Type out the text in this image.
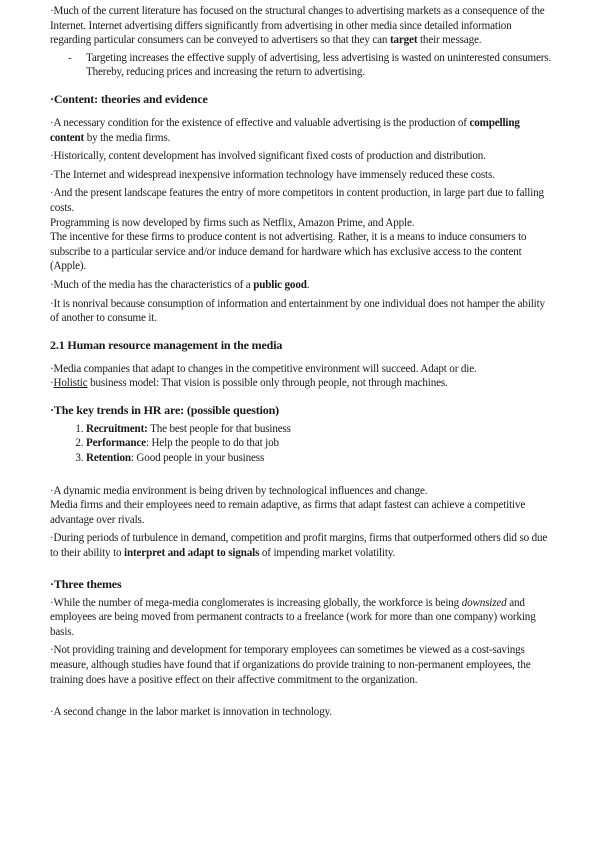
·Much of the current literature has focused on the structural changes to advertising markets as a consequence of the Internet. Internet advertising differs significantly from advertising in other media since detailed information regarding particular consumers can be conveyed to advertisers so that they can target their message.

-	Targeting increases the effective supply of advertising, less advertising is wasted on uninterested consumers. Thereby, reducing prices and increasing the return to advertising.

·Content: theories and evidence

·A necessary condition for the existence of effective and valuable advertising is the production of compelling content by the media firms.

·Historically, content development has involved significant fixed costs of production and distribution.

·The Internet and widespread inexpensive information technology have immensely reduced these costs.

·And the present landscape features the entry of more competitors in content production, in large part due to falling costs.

Programming is now developed by firms such as Netflix, Amazon Prime, and Apple.

The incentive for these firms to produce content is not advertising. Rather, it is a means to induce consumers to subscribe to a particular service and/or induce demand for hardware which has exclusive access to the content (Apple).

·Much of the media has the characteristics of a public good.

·It is nonrival because consumption of information and entertainment by one individual does not hamper the ability of another to consume it.

2.1 Human resource management in the media

·Media companies that adapt to changes in the competitive environment will succeed. Adapt or die.

·Holistic business model: That vision is possible only through people, not through machines.

·The key trends in HR are: (possible question)

1. Recruitment: The best people for that business
2. Performance: Help the people to do that job
3. Retention: Good people in your business

·A dynamic media environment is being driven by technological influences and change.

Media firms and their employees need to remain adaptive, as firms that adapt fastest can achieve a competitive advantage over rivals.

·During periods of turbulence in demand, competition and profit margins, firms that outperformed others did so due to their ability to interpret and adapt to signals of impending market volatility.

·Three themes

·While the number of mega-media conglomerates is increasing globally, the workforce is being downsized and employees are being moved from permanent contracts to a freelance (work for more than one company) working basis.

·Not providing training and development for temporary employees can sometimes be viewed as a cost-savings measure, although studies have found that if organizations do provide training to non-permanent employees, the training does have a positive effect on their affective commitment to the organization.

·A second change in the labor market is innovation in technology.
